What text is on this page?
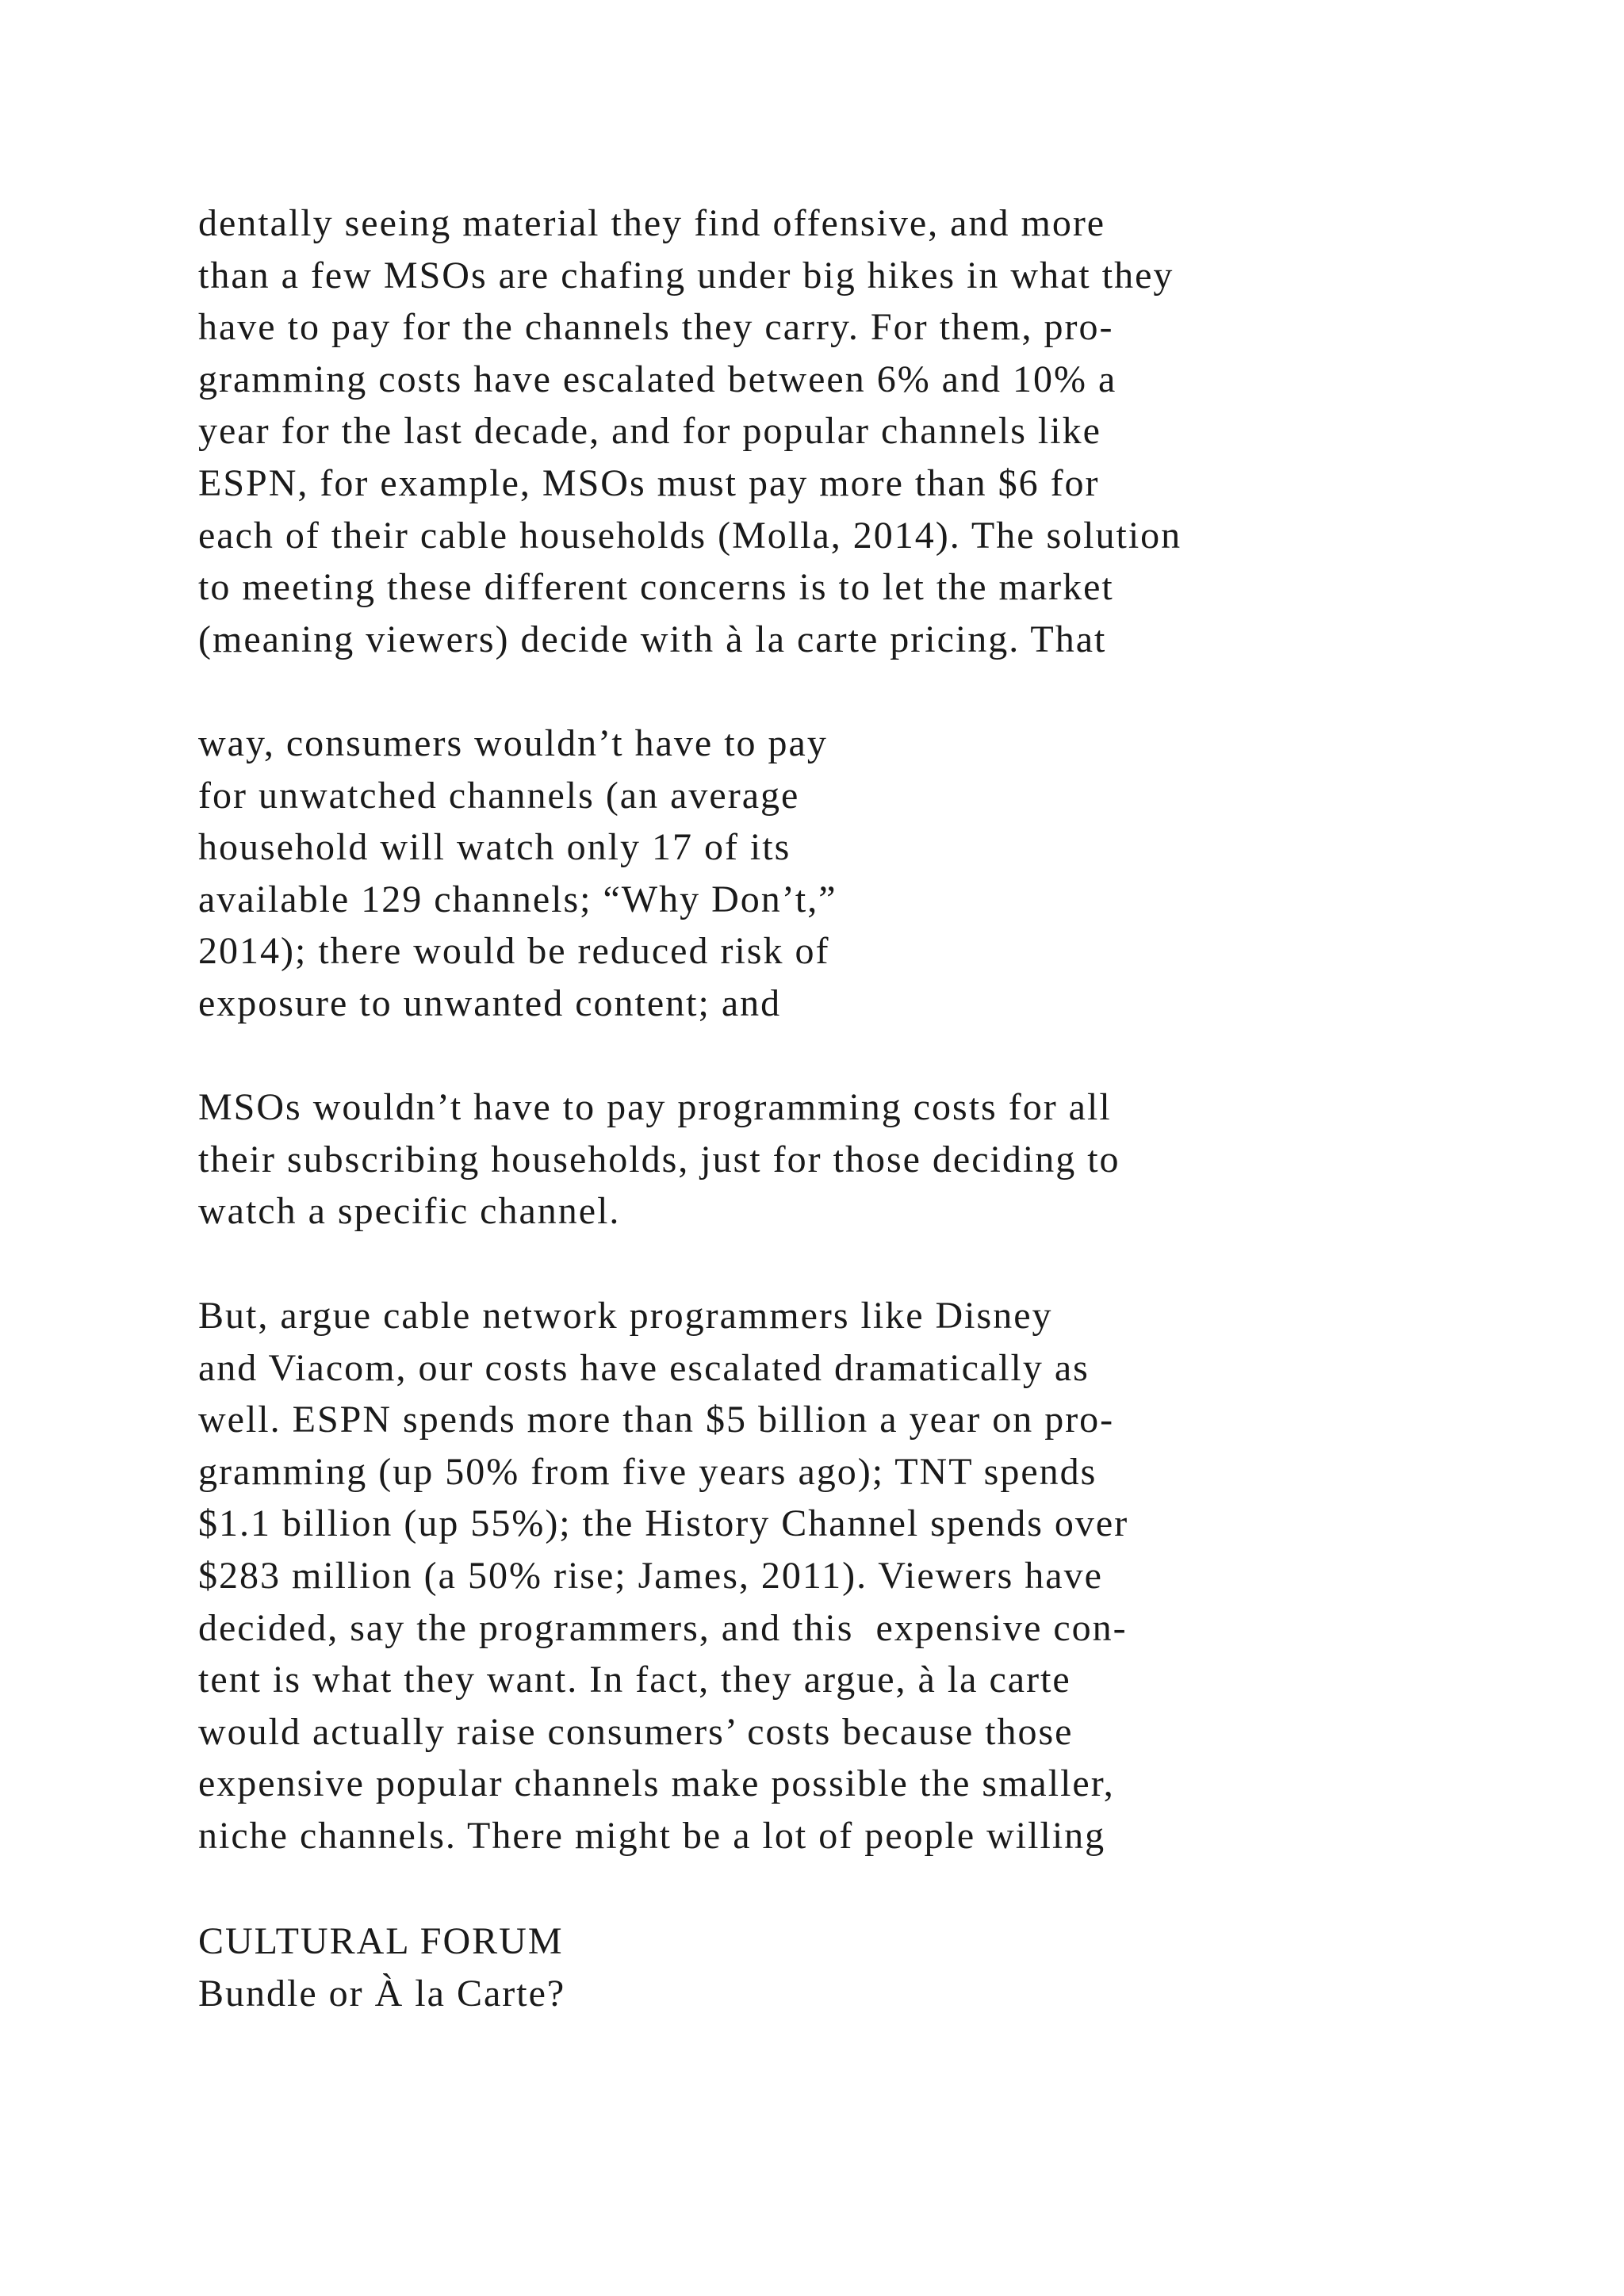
dentally seeing material they find offensive, and more
than a few MSOs are chafing under big hikes in what they
have to pay for the channels they carry. For them, pro-
gramming costs have escalated between 6% and 10% a
year for the last decade, and for popular channels like
ESPN, for example, MSOs must pay more than $6 for
each of their cable households (Molla, 2014). The solution
to meeting these different concerns is to let the market
(meaning viewers) decide with à la carte pricing. That
way, consumers wouldn’t have to pay
for unwatched channels (an average
household will watch only 17 of its
available 129 channels; “Why Don’t,”
2014); there would be reduced risk of
exposure to unwanted content; and
MSOs wouldn’t have to pay programming costs for all
their subscribing households, just for those deciding to
watch a specific channel.
But, argue cable network programmers like Disney
and Viacom, our costs have escalated dramatically as
well. ESPN spends more than $5 billion a year on pro-
gramming (up 50% from five years ago); TNT spends
$1.1 billion (up 55%); the History Channel spends over
$283 million (a 50% rise; James, 2011). Viewers have
decided, say the programmers, and this  expensive con-
tent is what they want. In fact, they argue, à la carte
would actually raise consumers’ costs because those
expensive popular channels make possible the smaller,
niche channels. There might be a lot of people willing
CULTURAL FORUM
Bundle or À la Carte?
